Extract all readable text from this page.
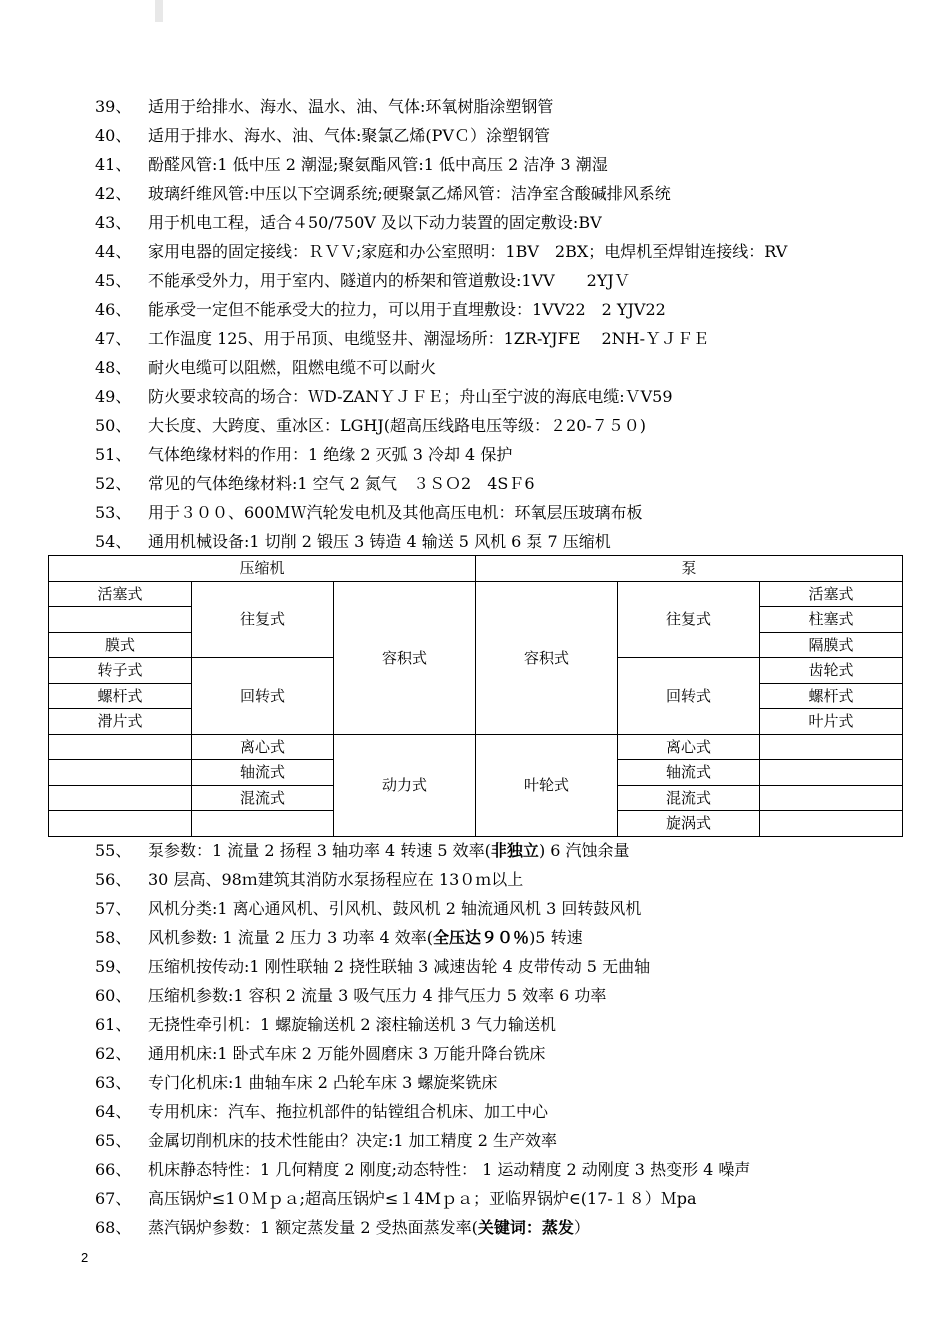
39、	适用于给排水、海水、温水、油、气体:环氧树脂涂塑钢管
40、	适用于排水、海水、油、气体:聚氯乙烯(PVＣ）涂塑钢管
41、	酚醛风管:1 低中压 2 潮湿;聚氨酯风管:1 低中高压 2 洁净 3 潮湿
42、	玻璃纤维风管:中压以下空调系统;硬聚氯乙烯风管：洁净室含酸碱排风系统
43、	用于机电工程，适合４50/750V 及以下动力装置的固定敷设:BV
44、	家用电器的固定接线：ＲＶＶ;家庭和办公室照明：1BV　2BX；电焊机至焊钳连接线：RV
45、	不能承受外力，用于室内、隧道内的桥架和管道敷设:1VV　　2YJＶ
46、	能承受一定但不能承受大的拉力，可以用于直埋敷设：1VV22　2 YJV22
47、	工作温度 125、用于吊顶、电缆竖井、潮湿场所：1ZR-YJFE　 2NH-ＹＪＦＥ
48、	耐火电缆可以阻燃，阻燃电缆不可以耐火
49、	防火要求较高的场合：ＷD-ZANＹＪＦＥ；舟山至宁波的海底电缆:ＶV59
50、	大长度、大跨度、重冰区：LGHJ(超高压线路电压等级：２20-７５０)
51、	气体绝缘材料的作用：1 绝缘 2 灭弧 3 冷却 4 保护
52、	常见的气体绝缘材料:1 空气 2 氮气　３ＳＯ2　4SＦ6
53、	用于３００、600ＭＷ汽轮发电机及其他高压电机：环氧层压玻璃布板
54、	通用机械设备:1 切削 2 锻压 3 铸造 4 输送 5 风机 6 泵 7 压缩机
压缩机			泵		
活塞式	往复式	容积式	容积式	往复式	活塞式
					柱塞式
膜式					隔膜式
转子式	回转式			回转式	齿轮式
螺杆式					螺杆式
滑片式					叶片式
	离心式	动力式	叶轮式	离心式	
	轴流式			轴流式	
	混流式			混流式	
				旋涡式	
55、	泵参数：1 流量 2 扬程 3 轴功率 4 转速 5 效率(非独立) 6 汽蚀余量
56、	30 层高、98ｍ建筑其消防水泵扬程应在 13０ｍ以上
57、	风机分类:1 离心通风机、引风机、鼓风机 2 轴流通风机 3 回转鼓风机
58、	风机参数: 1 流量 2 压力 3 功率 4 效率(全压达９０％)5 转速
59、	压缩机按传动:1 刚性联轴 2 挠性联轴 3 减速齿轮 4 皮带传动 5 无曲轴
60、	压缩机参数:1 容积 2 流量 3 吸气压力 4 排气压力 5 效率 6 功率
61、	无挠性牵引机：1 螺旋输送机 2 滚柱输送机 3 气力输送机
62、	通用机床:1 卧式车床 2 万能外圆磨床 3 万能升降台铣床
63、	专门化机床:1 曲轴车床 2 凸轮车床 3 螺旋桨铣床
64、	专用机床：汽车、拖拉机部件的钻镗组合机床、加工中心
65、	金属切削机床的技术性能由？决定:1 加工精度 2 生产效率
66、	机床静态特性：1 几何精度 2 刚度;动态特性： 1 运动精度 2 动刚度 3 热变形 4 噪声
67、	高压锅炉≤1０Ｍｐａ;超高压锅炉≤１4Mｐａ；亚临界锅炉∈(17-１８）Ｍpa
68、	蒸汽锅炉参数：1 额定蒸发量 2 受热面蒸发率(关键词：蒸发）
2
